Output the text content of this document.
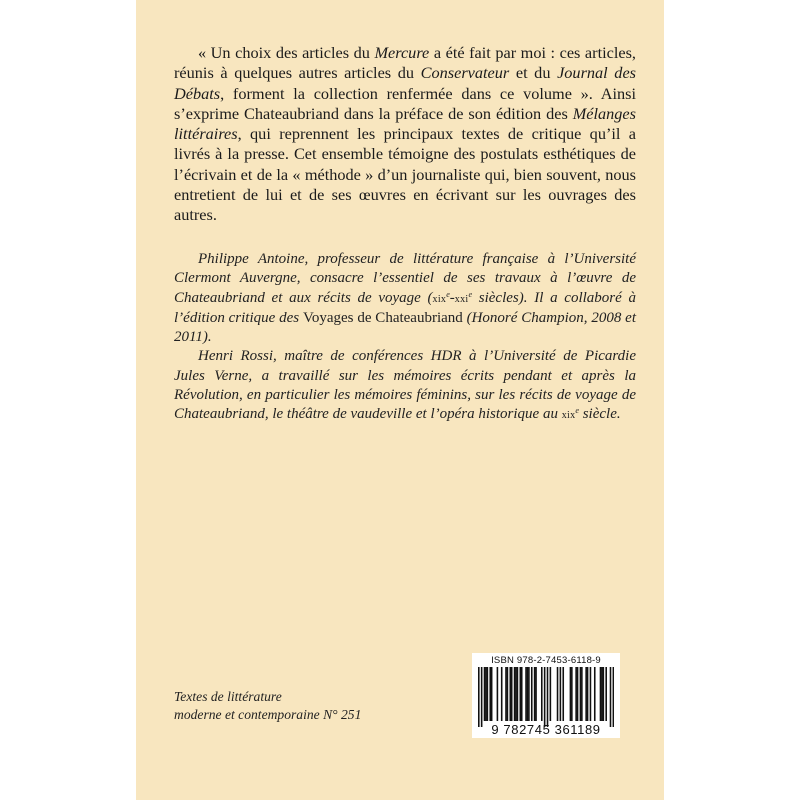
« Un choix des articles du Mercure a été fait par moi : ces articles, réunis à quelques autres articles du Conservateur et du Journal des Débats, forment la collection renfermée dans ce volume ». Ainsi s’exprime Chateaubriand dans la préface de son édition des Mélanges littéraires, qui reprennent les principaux textes de critique qu’il a livrés à la presse. Cet ensemble témoigne des postulats esthétiques de l’écrivain et de la « méthode » d’un journaliste qui, bien souvent, nous entretient de lui et de ses œuvres en écrivant sur les ouvrages des autres.

Philippe Antoine, professeur de littérature française à l’Université Clermont Auvergne, consacre l’essentiel de ses travaux à l’œuvre de Chateaubriand et aux récits de voyage (xix$^e$-xxi$^e$ siècles). Il a collaboré à l’édition critique des Voyages de Chateaubriand (Honoré Champion, 2008 et 2011).

Henri Rossi, maître de conférences HDR à l’Université de Picardie Jules Verne, a travaillé sur les mémoires écrits pendant et après la Révolution, en particulier les mémoires féminins, sur les récits de voyage de Chateaubriand, le théâtre de vaudeville et l’opéra historique au xix$^e$ siècle.

Textes de littérature
moderne et contemporaine N° 251
ISBN 978-2-7453-6118-9
9 782745 361189
